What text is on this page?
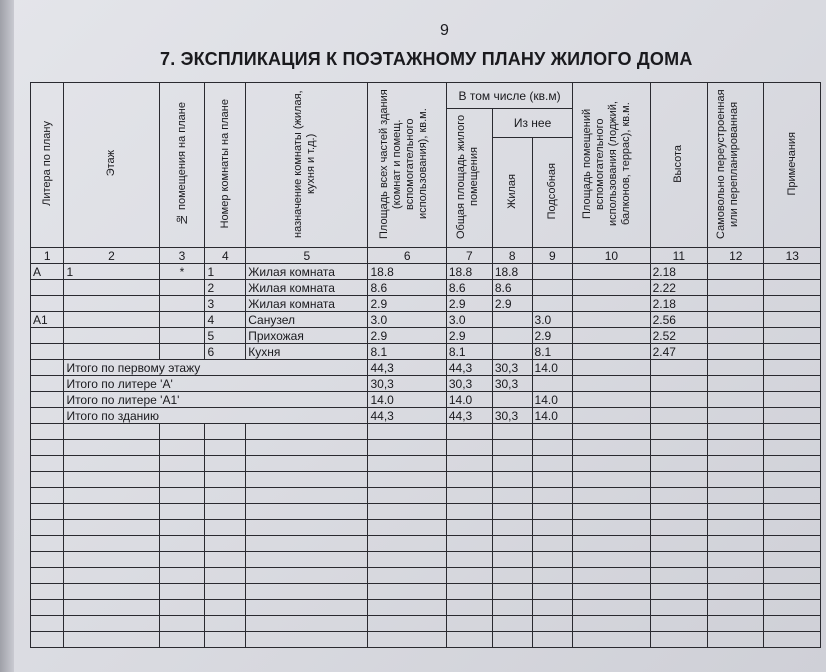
9
7. ЭКСПЛИКАЦИЯ К ПОЭТАЖНОМУ ПЛАНУ ЖИЛОГО ДОМА
Литера по плану	Этаж	№ помещения на плане	Номер комнаты на плане	назначение комнаты (жилая, кухня и т.д.)	Площадь всех частей здания (комнат и помещ. вспомогательного использования), кв.м.	В том числе (кв.м)			Площадь помещений вспомогательного использования (лоджий, балконов, террас), кв.м.	Высота	Самовольно переустроенная или перепланированная	Примечания
						Общая площадь жилого помещения	Из нее					
							Жилая	Подсобная				
1	2	3	4	5	6	7	8	9	10	11	12	13
А	1	*	1	Жилая комната	18.8	18.8	18.8			2.18		
			2	Жилая комната	8.6	8.6	8.6			2.22		
			3	Жилая комната	2.9	2.9	2.9			2.18		
А1			4	Санузел	3.0	3.0		3.0		2.56		
			5	Прихожая	2.9	2.9		2.9		2.52		
			6	Кухня	8.1	8.1		8.1		2.47		
	Итого по первому этажу				44,3	44,3	30,3	14.0				
	Итого по литере 'А'				30,3	30,3	30,3					
	Итого по литере 'А1'				14.0	14.0		14.0				
	Итого по зданию				44,3	44,3	30,3	14.0				
